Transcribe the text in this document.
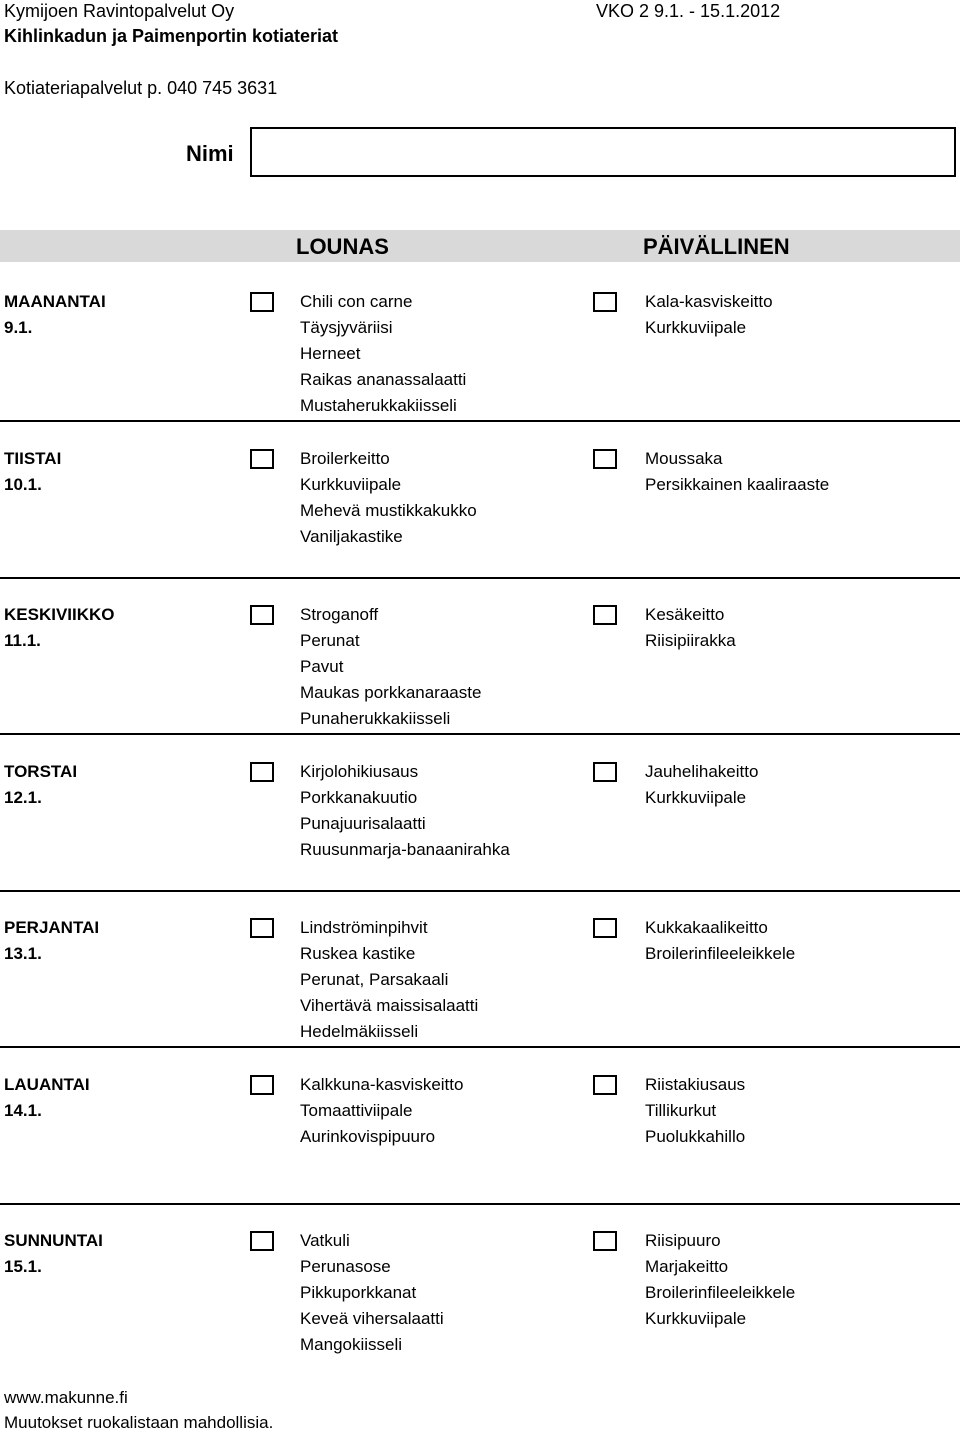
Kymijoen Ravintopalvelut Oy	VKO 2 9.1. - 15.1.2012
Kihlinkadun ja Paimenportin kotiateriat
Kotiateriapalvelut p. 040 745 3631
Nimi
LOUNAS	PÄIVÄLLINEN
MAANANTAI
9.1.
Chili con carne
Täysjyväriisi
Herneet
Raikas ananassalaatti
Mustaherukkakiisseli
Kala-kasviskeitto
Kurkkuviipale
TIISTAI
10.1.
Broilerkeitto
Kurkkuviipale
Mehevä mustikkakukko
Vaniljakastike
Moussaka
Persikkainen kaaliraaste
KESKIVIIKKO
11.1.
Stroganoff
Perunat
Pavut
Maukas porkkanaraaste
Punaherukkakiisseli
Kesäkeitto
Riisipiirakka
TORSTAI
12.1.
Kirjolohikiusaus
Porkkanakuutio
Punajuurisalaatti
Ruusunmarja-banaanirahka
Jauhelihakeitto
Kurkkuviipale
PERJANTAI
13.1.
Lindströminpihvit
Ruskea kastike
Perunat, Parsakaali
Vihertävä maissisalaatti
Hedelmäkiisseli
Kukkakaalikeitto
Broilerinfileeleikkele
LAUANTAI
14.1.
Kalkkuna-kasviskeitto
Tomaattiviipale
Aurinkovispipuuro
Riistakiusaus
Tillikurkut
Puolukkahillo
SUNNUNTAI
15.1.
Vatkuli
Perunasose
Pikkuporkkanat
Keveä vihersalaatti
Mangokiisseli
Riisipuuro
Marjakeitto
Broilerinfileeleikkele
Kurkkuviipale
www.makunne.fi
Muutokset ruokalistaan mahdollisia.
